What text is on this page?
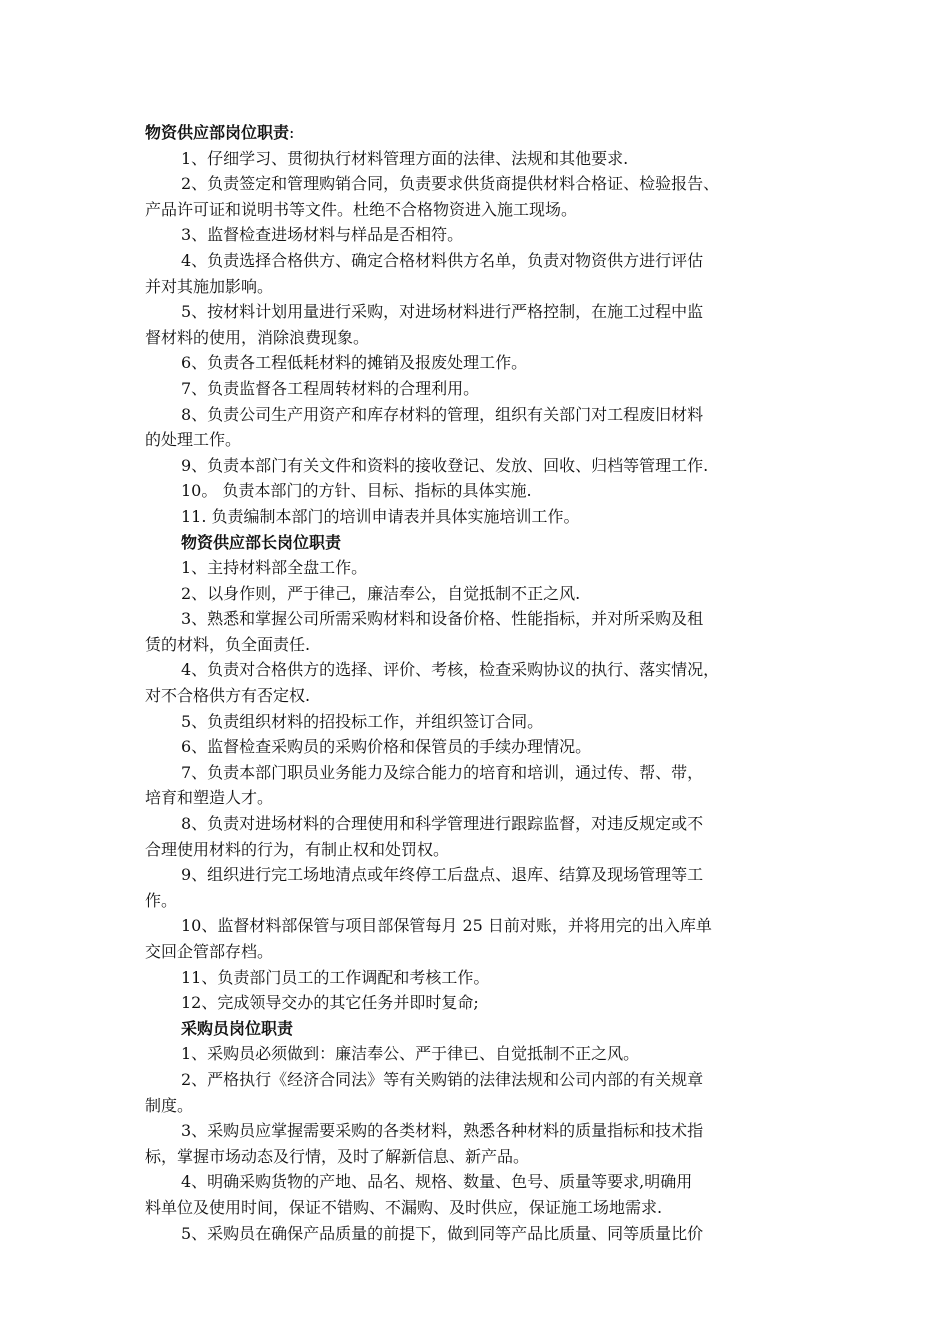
物资供应部岗位职责:

1、仔细学习、贯彻执行材料管理方面的法律、法规和其他要求.

2、负责签定和管理购销合同，负责要求供货商提供材料合格证、检验报告、

产品许可证和说明书等文件。杜绝不合格物资进入施工现场。

3、监督检查进场材料与样品是否相符。

4、负责选择合格供方、确定合格材料供方名单，负责对物资供方进行评估

并对其施加影响。

5、按材料计划用量进行采购，对进场材料进行严格控制，在施工过程中监

督材料的使用，消除浪费现象。

6、负责各工程低耗材料的摊销及报废处理工作。

7、负责监督各工程周转材料的合理利用。

8、负责公司生产用资产和库存材料的管理，组织有关部门对工程废旧材料

的处理工作。

9、负责本部门有关文件和资料的接收登记、发放、回收、归档等管理工作.

10。 负责本部门的方针、目标、指标的具体实施.

11. 负责编制本部门的培训申请表并具体实施培训工作。

物资供应部长岗位职责

1、主持材料部全盘工作。

2、以身作则，严于律己，廉洁奉公，自觉抵制不正之风.

3、熟悉和掌握公司所需采购材料和设备价格、性能指标，并对所采购及租

赁的材料，负全面责任.

4、负责对合格供方的选择、评价、考核，检查采购协议的执行、落实情况，

对不合格供方有否定权.

5、负责组织材料的招投标工作，并组织签订合同。

6、监督检查采购员的采购价格和保管员的手续办理情况。

7、负责本部门职员业务能力及综合能力的培育和培训，通过传、帮、带，

培育和塑造人才。

8、负责对进场材料的合理使用和科学管理进行跟踪监督，对违反规定或不

合理使用材料的行为，有制止权和处罚权。

9、组织进行完工场地清点或年终停工后盘点、退库、结算及现场管理等工

作。

10、监督材料部保管与项目部保管每月 25 日前对账，并将用完的出入库单

交回企管部存档。

11、负责部门员工的工作调配和考核工作。

12、完成领导交办的其它任务并即时复命;

采购员岗位职责

1、采购员必须做到：廉洁奉公、严于律已、自觉抵制不正之风。

2、严格执行《经济合同法》等有关购销的法律法规和公司内部的有关规章

制度。

3、采购员应掌握需要采购的各类材料，熟悉各种材料的质量指标和技术指

标，掌握市场动态及行情，及时了解新信息、新产品。

4、明确采购货物的产地、品名、规格、数量、色号、质量等要求,明确用

料单位及使用时间，保证不错购、不漏购、及时供应，保证施工场地需求.

5、采购员在确保产品质量的前提下，做到同等产品比质量、同等质量比价
